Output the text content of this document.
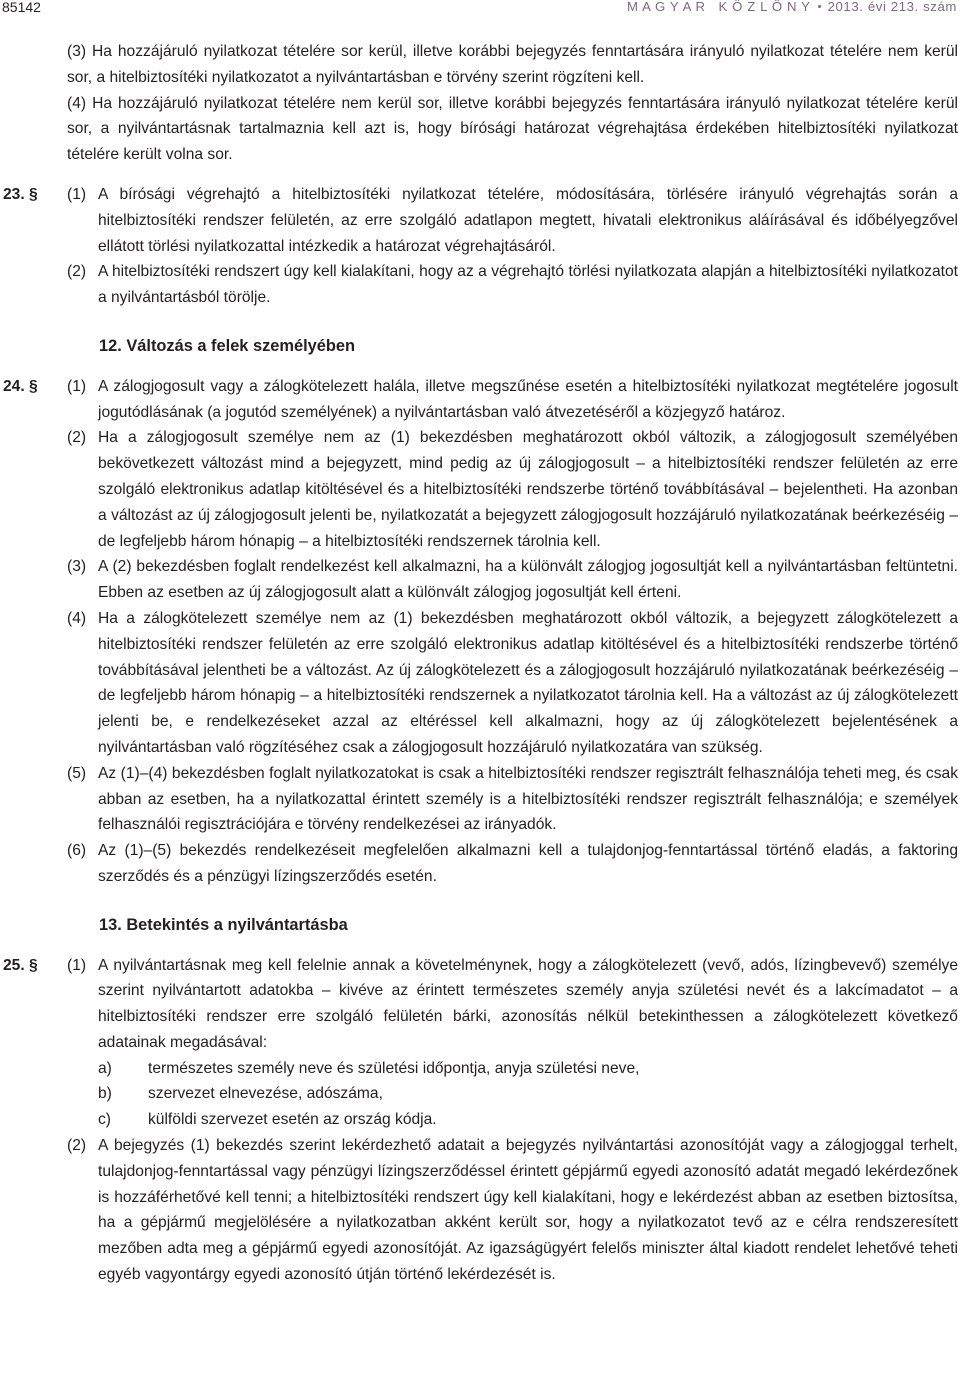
85142	M A G Y A R   K Ö Z L Ö N Y 2013. évi 213. szám

(3) Ha hozzájáruló nyilatkozat tételére sor kerül, illetve korábbi bejegyzés fenntartására irányuló nyilatkozat tételére nem kerül sor, a hitelbiztosítéki nyilatkozatot a nyilvántartásban e törvény szerint rögzíteni kell.

(4) Ha hozzájáruló nyilatkozat tételére nem kerül sor, illetve korábbi bejegyzés fenntartására irányuló nyilatkozat tételére kerül sor, a nyilvántartásnak tartalmaznia kell azt is, hogy bírósági határozat végrehajtása érdekében hitelbiztosítéki nyilatkozat tételére került volna sor.

23. § (1) A bírósági végrehajtó a hitelbiztosítéki nyilatkozat tételére, módosítására, törlésére irányuló végrehajtás során a hitelbiztosítéki rendszer felületén, az erre szolgáló adatlapon megtett, hivatali elektronikus aláírásával és időbélyegzővel ellátott törlési nyilatkozattal intézkedik a határozat végrehajtásáról.

(2) A hitelbiztosítéki rendszert úgy kell kialakítani, hogy az a végrehajtó törlési nyilatkozata alapján a hitelbiztosítéki nyilatkozatot a nyilvántartásból törölje.

12. Változás a felek személyében
24. § (1) A zálogjogosult vagy a zálogkötelezett halála, illetve megszűnése esetén a hitelbiztosítéki nyilatkozat megtételére jogosult jogutódlásának (a jogutód személyének) a nyilvántartásban való átvezetéséről a közjegyző határoz.

(2) Ha a zálogjogosult személye nem az (1) bekezdésben meghatározott okból változik, a zálogjogosult személyében bekövetkezett változást mind a bejegyzett, mind pedig az új zálogjogosult – a hitelbiztosítéki rendszer felületén az erre szolgáló elektronikus adatlap kitöltésével és a hitelbiztosítéki rendszerbe történő továbbításával – bejelentheti. Ha azonban a változást az új zálogjogosult jelenti be, nyilatkozatát a bejegyzett zálogjogosult hozzájáruló nyilatkozatának beérkezéséig – de legfeljebb három hónapig – a hitelbiztosítéki rendszernek tárolnia kell.

(3) A (2) bekezdésben foglalt rendelkezést kell alkalmazni, ha a különvált zálogjog jogosultját kell a nyilvántartásban feltüntetni. Ebben az esetben az új zálogjogosult alatt a különvált zálogjog jogosultját kell érteni.

(4) Ha a zálogkötelezett személye nem az (1) bekezdésben meghatározott okból változik, a bejegyzett zálogkötelezett a hitelbiztosítéki rendszer felületén az erre szolgáló elektronikus adatlap kitöltésével és a hitelbiztosítéki rendszerbe történő továbbításával jelentheti be a változást. Az új zálogkötelezett és a zálogjogosult hozzájáruló nyilatkozatának beérkezéséig – de legfeljebb három hónapig – a hitelbiztosítéki rendszernek a nyilatkozatot tárolnia kell. Ha a változást az új zálogkötelezett jelenti be, e rendelkezéseket azzal az eltéréssel kell alkalmazni, hogy az új zálogkötelezett bejelentésének a nyilvántartásban való rögzítéséhez csak a zálogjogosult hozzájáruló nyilatkozatára van szükség.

(5) Az (1)–(4) bekezdésben foglalt nyilatkozatokat is csak a hitelbiztosítéki rendszer regisztrált felhasználója teheti meg, és csak abban az esetben, ha a nyilatkozattal érintett személy is a hitelbiztosítéki rendszer regisztrált felhasználója; e személyek felhasználói regisztrációjára e törvény rendelkezései az irányadók.

(6) Az (1)–(5) bekezdés rendelkezéseit megfelelően alkalmazni kell a tulajdonjog-fenntartással történő eladás, a faktoring szerződés és a pénzügyi lízingszerződés esetén.

13. Betekintés a nyilvántartásba
25. § (1) A nyilvántartásnak meg kell felelnie annak a követelménynek, hogy a zálogkötelezett (vevő, adós, lízingbevevő) személye szerint nyilvántartott adatokba – kivéve az érintett természetes személy anyja születési nevét és a lakcímadatot – a hitelbiztosítéki rendszer erre szolgáló felületén bárki, azonosítás nélkül betekinthessen a zálogkötelezett következő adatainak megadásával:

a) természetes személy neve és születési időpontja, anyja születési neve,

b) szervezet elnevezése, adószáma,

c) külföldi szervezet esetén az ország kódja.

(2) A bejegyzés (1) bekezdés szerint lekérdezhető adatait a bejegyzés nyilvántartási azonosítóját vagy a zálogjoggal terhelt, tulajdonjog-fenntartással vagy pénzügyi lízingszerződéssel érintett gépjármű egyedi azonosító adatát megadó lekérdezőnek is hozzáférhetővé kell tenni; a hitelbiztosítéki rendszert úgy kell kialakítani, hogy e lekérdezést abban az esetben biztosítsa, ha a gépjármű megjelölésére a nyilatkozatban akként került sor, hogy a nyilatkozatot tevő az e célra rendszeresített mezőben adta meg a gépjármű egyedi azonosítóját. Az igazságügyért felelős miniszter által kiadott rendelet lehetővé teheti egyéb vagyontárgy egyedi azonosító útján történő lekérdezését is.
